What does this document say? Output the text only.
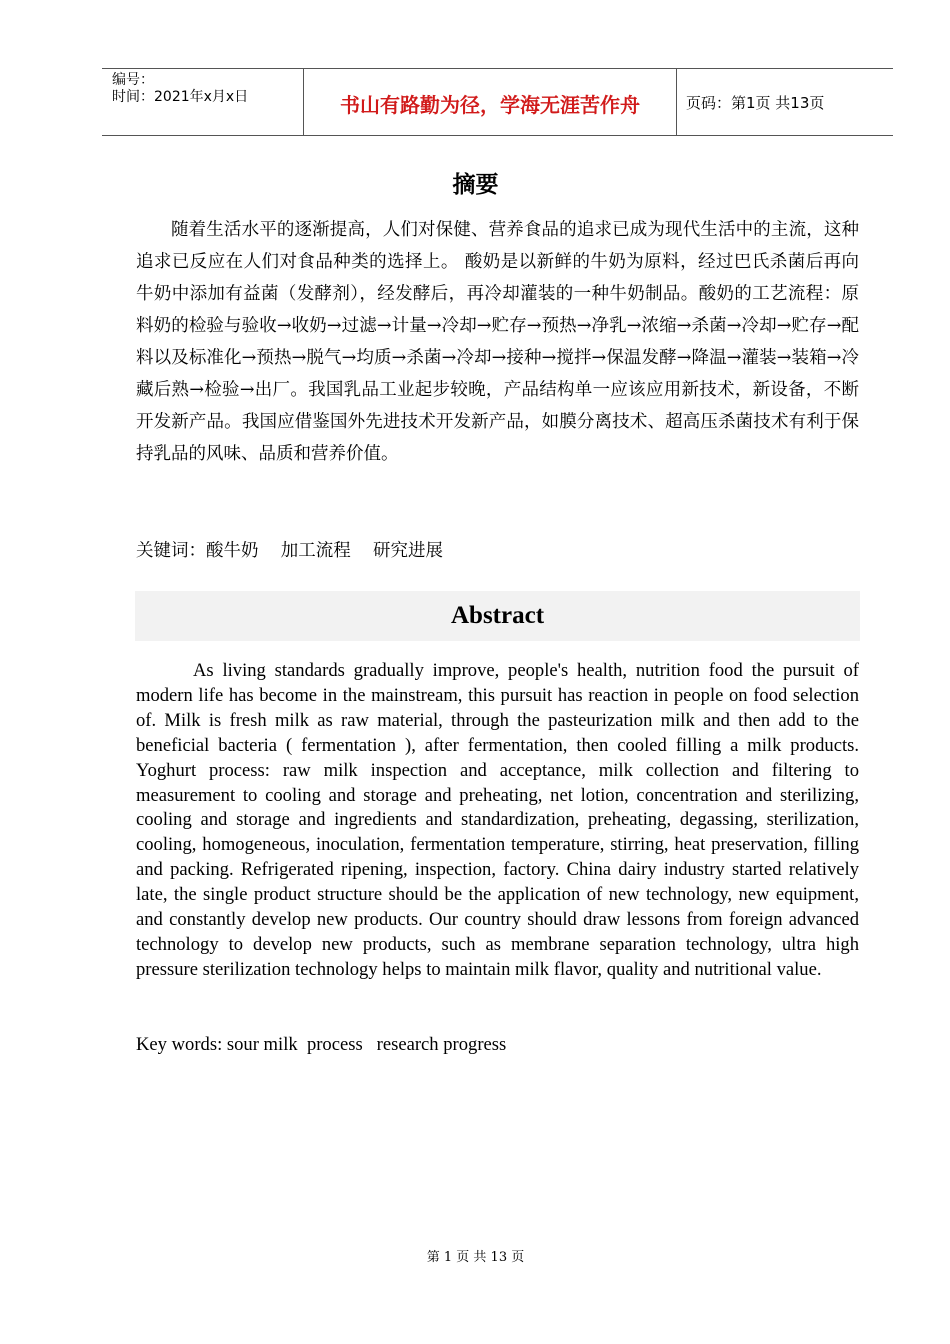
编号：
时间：2021年x月x日	书山有路勤为径，学海无涯苦作舟	页码：第1页 共13页
摘要

随着生活水平的逐渐提高，人们对保健、营养食品的追求已成为现代生活中的主流，这种追求已反应在人们对食品种类的选择上。 酸奶是以新鲜的牛奶为原料，经过巴氏杀菌后再向牛奶中添加有益菌（发酵剂），经发酵后，再冷却灌装的一种牛奶制品。酸奶的工艺流程：原料奶的检验与验收→收奶→过滤→计量→冷却→贮存→预热→净乳→浓缩→杀菌→冷却→贮存→配料以及标准化→预热→脱气→均质→杀菌→冷却→接种→搅拌→保温发酵→降温→灌装→装箱→冷藏后熟→检验→出厂。我国乳品工业起步较晚，产品结构单一应该应用新技术，新设备，不断开发新产品。我国应借鉴国外先进技术开发新产品，如膜分离技术、超高压杀菌技术有利于保持乳品的风味、品质和营养价值。

关键词：酸牛奶    加工流程    研究进展
Abstract

As living standards gradually improve, people's health, nutrition food the pursuit of modern life has become in the mainstream, this pursuit has reaction in people on food selection of. Milk is fresh milk as raw material, through the pasteurization milk and then add to the beneficial bacteria ( fermentation ), after fermentation, then cooled filling a milk products. Yoghurt process: raw milk inspection and acceptance, milk collection and filtering to measurement to cooling and storage and preheating, net lotion, concentration and sterilizing, cooling and storage and ingredients and standardization, preheating, degassing, sterilization, cooling, homogeneous, inoculation, fermentation temperature, stirring, heat preservation, filling and packing. Refrigerated ripening, inspection, factory. China dairy industry started relatively late, the single product structure should be the application of new technology, new equipment, and constantly develop new products. Our country should draw lessons from foreign advanced technology to develop new products, such as membrane separation technology, ultra high pressure sterilization technology helps to maintain milk flavor, quality and nutritional value.

Key words: sour milk  process   research progress
第 1 页 共 13 页
